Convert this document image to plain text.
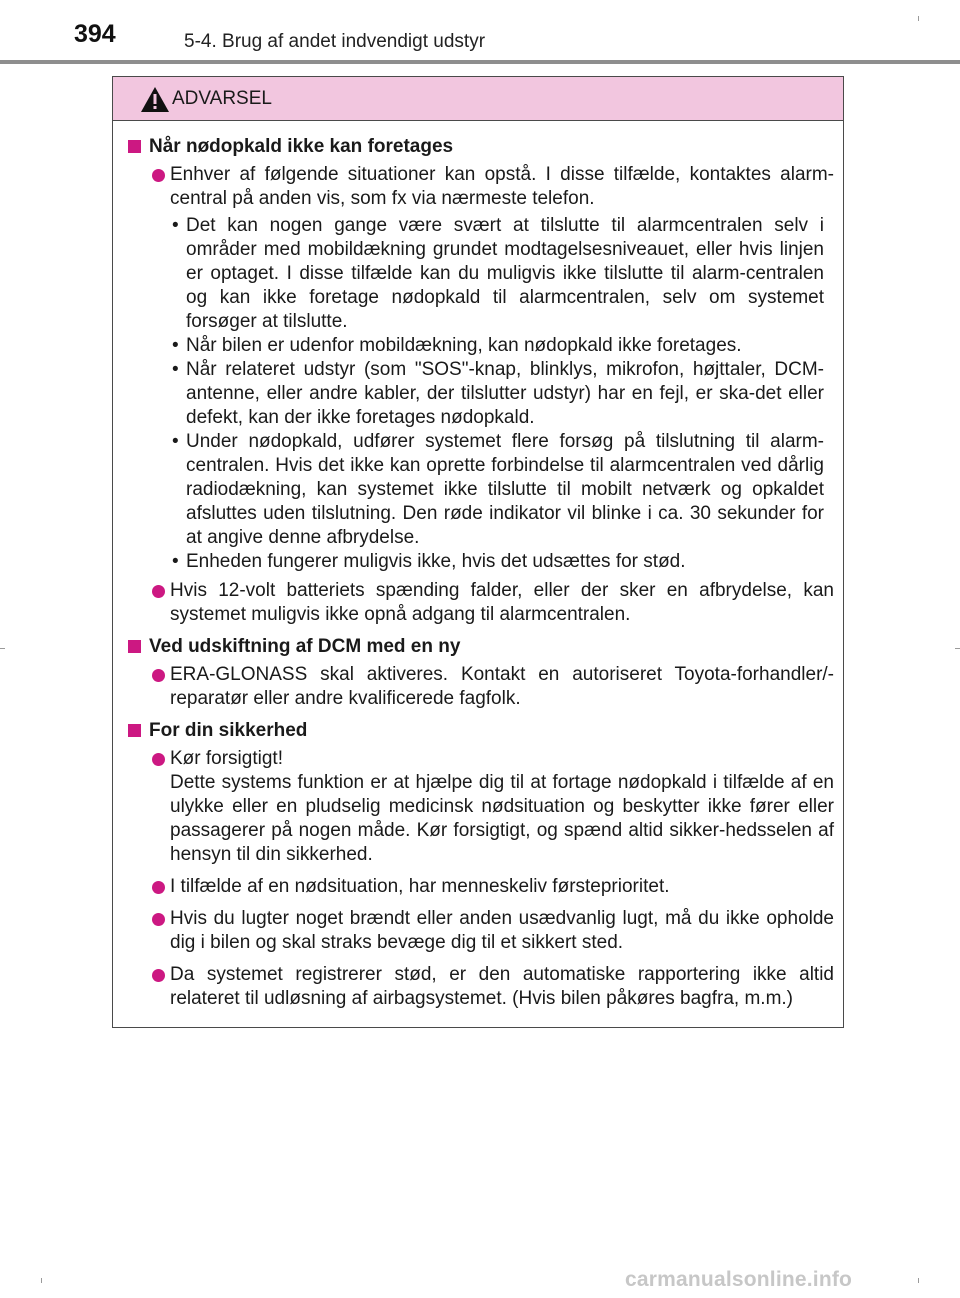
394	5-4. Brug af andet indvendigt udstyr
ADVARSEL
Når nødopkald ikke kan foretages
Enhver af følgende situationer kan opstå. I disse tilfælde, kontaktes alarm-central på anden vis, som fx via nærmeste telefon.
• Det kan nogen gange være svært at tilslutte til alarmcentralen selv i områder med mobildækning grundet modtagelsesniveauet, eller hvis linjen er optaget. I disse tilfælde kan du muligvis ikke tilslutte til alarm-centralen og kan ikke foretage nødopkald til alarmcentralen, selv om systemet forsøger at tilslutte.
• Når bilen er udenfor mobildækning, kan nødopkald ikke foretages.
• Når relateret udstyr (som "SOS"-knap, blinklys, mikrofon, højttaler, DCM-antenne, eller andre kabler, der tilslutter udstyr) har en fejl, er ska-det eller defekt, kan der ikke foretages nødopkald.
• Under nødopkald, udfører systemet flere forsøg på tilslutning til alarm-centralen. Hvis det ikke kan oprette forbindelse til alarmcentralen ved dårlig radiodækning, kan systemet ikke tilslutte til mobilt netværk og opkaldet afsluttes uden tilslutning. Den røde indikator vil blinke i ca. 30 sekunder for at angive denne afbrydelse.
• Enheden fungerer muligvis ikke, hvis det udsættes for stød.
Hvis 12-volt batteriets spænding falder, eller der sker en afbrydelse, kan systemet muligvis ikke opnå adgang til alarmcentralen.
Ved udskiftning af DCM med en ny
ERA-GLONASS skal aktiveres. Kontakt en autoriseret Toyota-forhandler/-reparatør eller andre kvalificerede fagfolk.
For din sikkerhed
Kør forsigtigt!
Dette systems funktion er at hjælpe dig til at fortage nødopkald i tilfælde af en ulykke eller en pludselig medicinsk nødsituation og beskytter ikke fører eller passagerer på nogen måde. Kør forsigtigt, og spænd altid sikker-hedsselen af hensyn til din sikkerhed.
I tilfælde af en nødsituation, har menneskeliv førsteprioritet.
Hvis du lugter noget brændt eller anden usædvanlig lugt, må du ikke opholde dig i bilen og skal straks bevæge dig til et sikkert sted.
Da systemet registrerer stød, er den automatiske rapportering ikke altid relateret til udløsning af airbagsystemet. (Hvis bilen påkøres bagfra, m.m.)
carmanualsonline.info
